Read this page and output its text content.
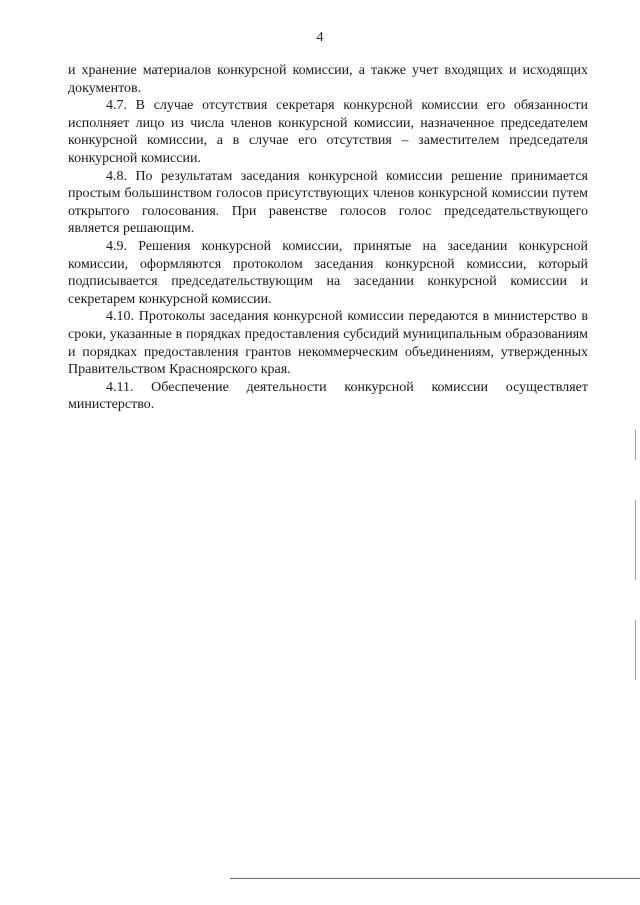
4

и хранение материалов конкурсной комиссии, а также учет входящих и исходящих документов.

4.7. В случае отсутствия секретаря конкурсной комиссии его обязанности исполняет лицо из числа членов конкурсной комиссии, назначенное председателем конкурсной комиссии, а в случае его отсутствия – заместителем председателя конкурсной комиссии.

4.8. По результатам заседания конкурсной комиссии решение принимается простым большинством голосов присутствующих членов конкурсной комиссии путем открытого голосования. При равенстве голосов голос председательствующего является решающим.

4.9. Решения конкурсной комиссии, принятые на заседании конкурсной комиссии, оформляются протоколом заседания конкурсной комиссии, который подписывается председательствующим на заседании конкурсной комиссии и секретарем конкурсной комиссии.

4.10. Протоколы заседания конкурсной комиссии передаются в министерство в сроки, указанные в порядках предоставления субсидий муниципальным образованиям и порядках предоставления грантов некоммерческим объединениям, утвержденных Правительством Красноярского края.

4.11. Обеспечение деятельности конкурсной комиссии осуществляет министерство.
